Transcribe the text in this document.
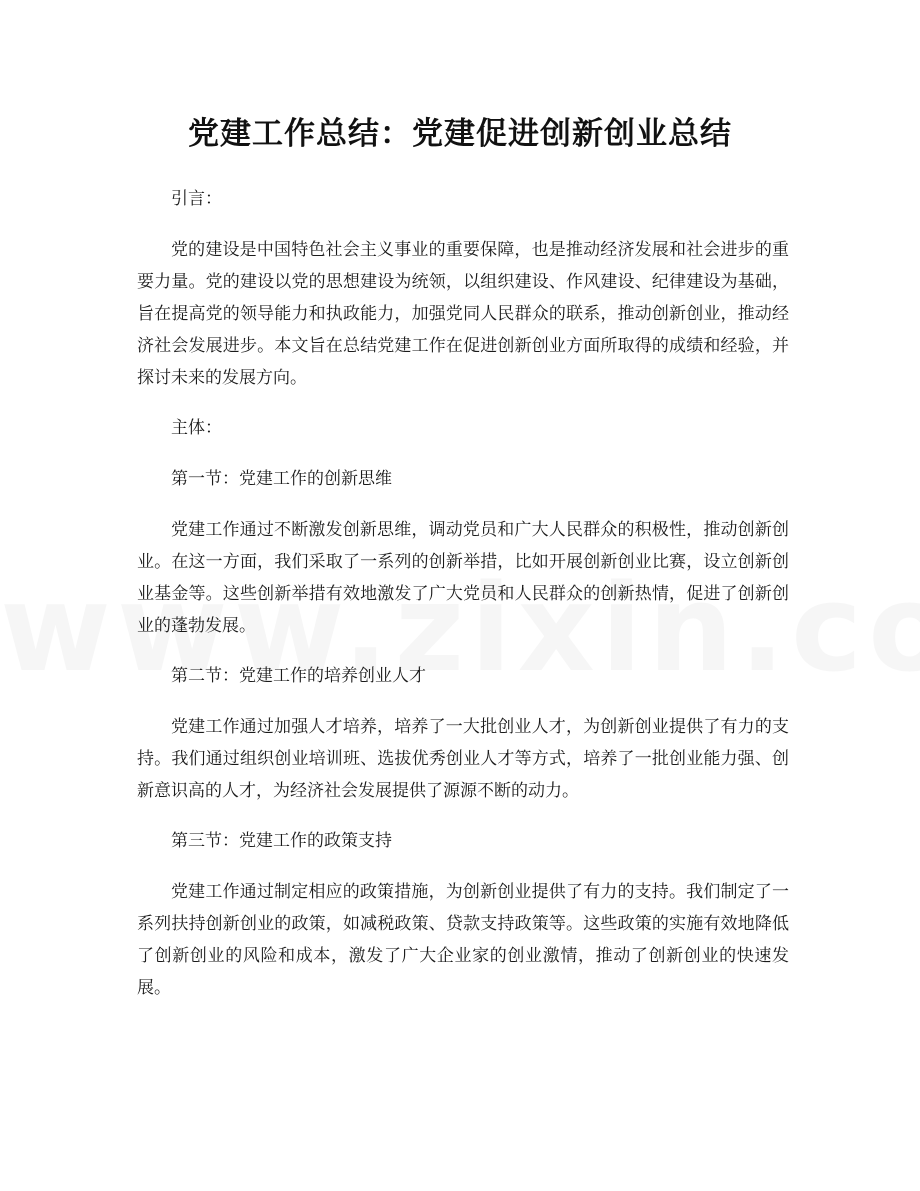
党建工作总结：党建促进创新创业总结

引言：

党的建设是中国特色社会主义事业的重要保障，也是推动经济发展和社会进步的重要力量。党的建设以党的思想建设为统领，以组织建设、作风建设、纪律建设为基础，旨在提高党的领导能力和执政能力，加强党同人民群众的联系，推动创新创业，推动经济社会发展进步。本文旨在总结党建工作在促进创新创业方面所取得的成绩和经验，并探讨未来的发展方向。

主体：

第一节：党建工作的创新思维

党建工作通过不断激发创新思维，调动党员和广大人民群众的积极性，推动创新创业。在这一方面，我们采取了一系列的创新举措，比如开展创新创业比赛，设立创新创业基金等。这些创新举措有效地激发了广大党员和人民群众的创新热情，促进了创新创业的蓬勃发展。

第二节：党建工作的培养创业人才

党建工作通过加强人才培养，培养了一大批创业人才，为创新创业提供了有力的支持。我们通过组织创业培训班、选拔优秀创业人才等方式，培养了一批创业能力强、创新意识高的人才，为经济社会发展提供了源源不断的动力。

第三节：党建工作的政策支持

党建工作通过制定相应的政策措施，为创新创业提供了有力的支持。我们制定了一系列扶持创新创业的政策，如减税政策、贷款支持政策等。这些政策的实施有效地降低了创新创业的风险和成本，激发了广大企业家的创业激情，推动了创新创业的快速发展。
